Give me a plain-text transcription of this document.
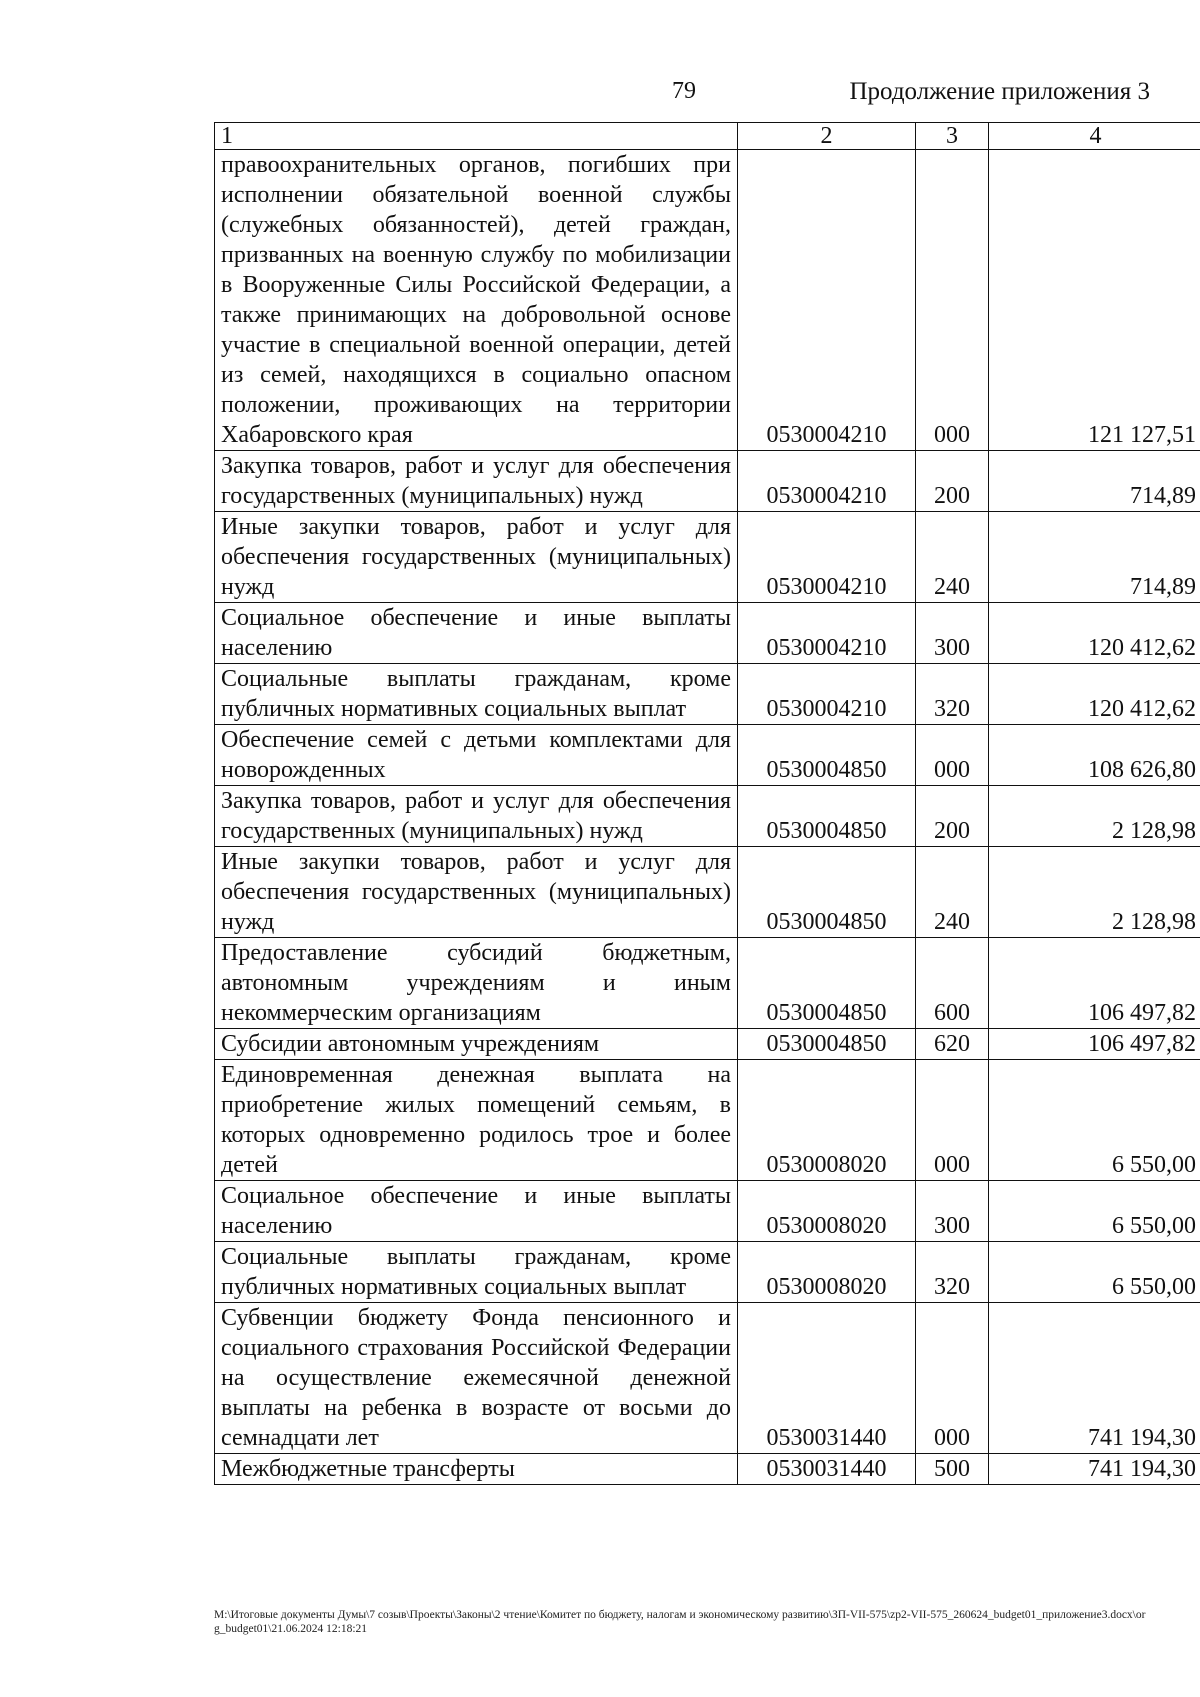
79	Продолжение приложения 3
1	2	3	4
правоохранительных органов, погибших при исполнении обязательной военной службы (служебных обязанностей), детей граждан, призванных на военную службу по мобилизации в Вооруженные Силы Российской Федерации, а также принимающих на добровольной основе участие в специальной военной операции, детей из семей, находящихся в социально опасном положении, проживающих на территории Хабаровского края	0530004210	000	121 127,51
Закупка товаров, работ и услуг для обеспечения государственных (муниципальных) нужд	0530004210	200	714,89
Иные закупки товаров, работ и услуг для обеспечения государственных (муниципальных) нужд	0530004210	240	714,89
Социальное обеспечение и иные выплаты населению	0530004210	300	120 412,62
Социальные выплаты гражданам, кроме публичных нормативных социальных выплат	0530004210	320	120 412,62
Обеспечение семей с детьми комплектами для новорожденных	0530004850	000	108 626,80
Закупка товаров, работ и услуг для обеспечения государственных (муниципальных) нужд	0530004850	200	2 128,98
Иные закупки товаров, работ и услуг для обеспечения государственных (муниципальных) нужд	0530004850	240	2 128,98
Предоставление субсидий бюджетным, автономным учреждениям и иным некоммерческим организациям	0530004850	600	106 497,82
Субсидии автономным учреждениям	0530004850	620	106 497,82
Единовременная денежная выплата на приобретение жилых помещений семьям, в которых одновременно родилось трое и более детей	0530008020	000	6 550,00
Социальное обеспечение и иные выплаты населению	0530008020	300	6 550,00
Социальные выплаты гражданам, кроме публичных нормативных социальных выплат	0530008020	320	6 550,00
Субвенции бюджету Фонда пенсионного и социального страхования Российской Федерации на осуществление ежемесячной денежной выплаты на ребенка в возрасте от восьми до семнадцати лет	0530031440	000	741 194,30
Межбюджетные трансферты	0530031440	500	741 194,30
М:\Итоговые документы Думы\7 созыв\Проекты\Законы\2 чтение\Комитет по бюджету, налогам и экономическому развитию\ЗП-VII-575\zp2-VII-575_260624_budget01_приложение3.docx\org_budget01\21.06.2024 12:18:21
